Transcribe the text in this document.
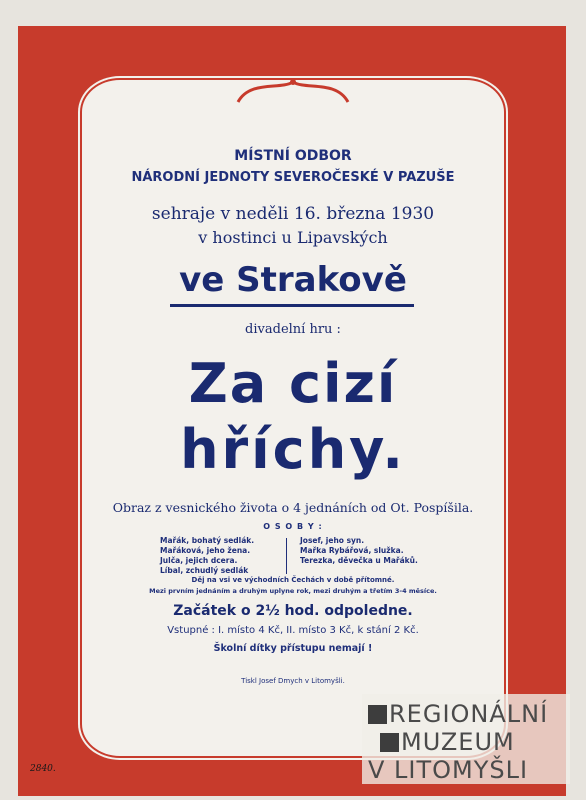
MÍSTNÍ ODBOR
NÁRODNÍ JEDNOTY SEVEROČESKÉ V PAZUŠE
sehraje v neděli 16. března 1930
v hostinci u Lipavských
ve Strakově
divadelní hru :
Za cizí
hříchy.
Obraz z vesnického života o 4 jednáních od Ot. Pospíšila.
O S O B Y :
Mařák, bohatý sedlák.
Mařáková, jeho žena.
Julča, jejich dcera.
Líbal, zchudlý sedlák
Josef, jeho syn.
Mařka Rybářová, služka.
Terezka, děvečka u Mařáků.
Děj na vsi ve východních Čechách v době přítomné.
Mezi prvním jednáním a druhým uplyne rok, mezi druhým a třetím 3-4 měsíce.
Začátek o 2½ hod. odpoledne.
Vstupné : I. místo 4 Kč, II. místo 3 Kč, k stání 2 Kč.
Školní dítky přístupu nemají !
Tiskl Josef Dmych v Litomyšli.
2840.
REGIONÁLNÍ
MUZEUM
V LITOMYŠLI
